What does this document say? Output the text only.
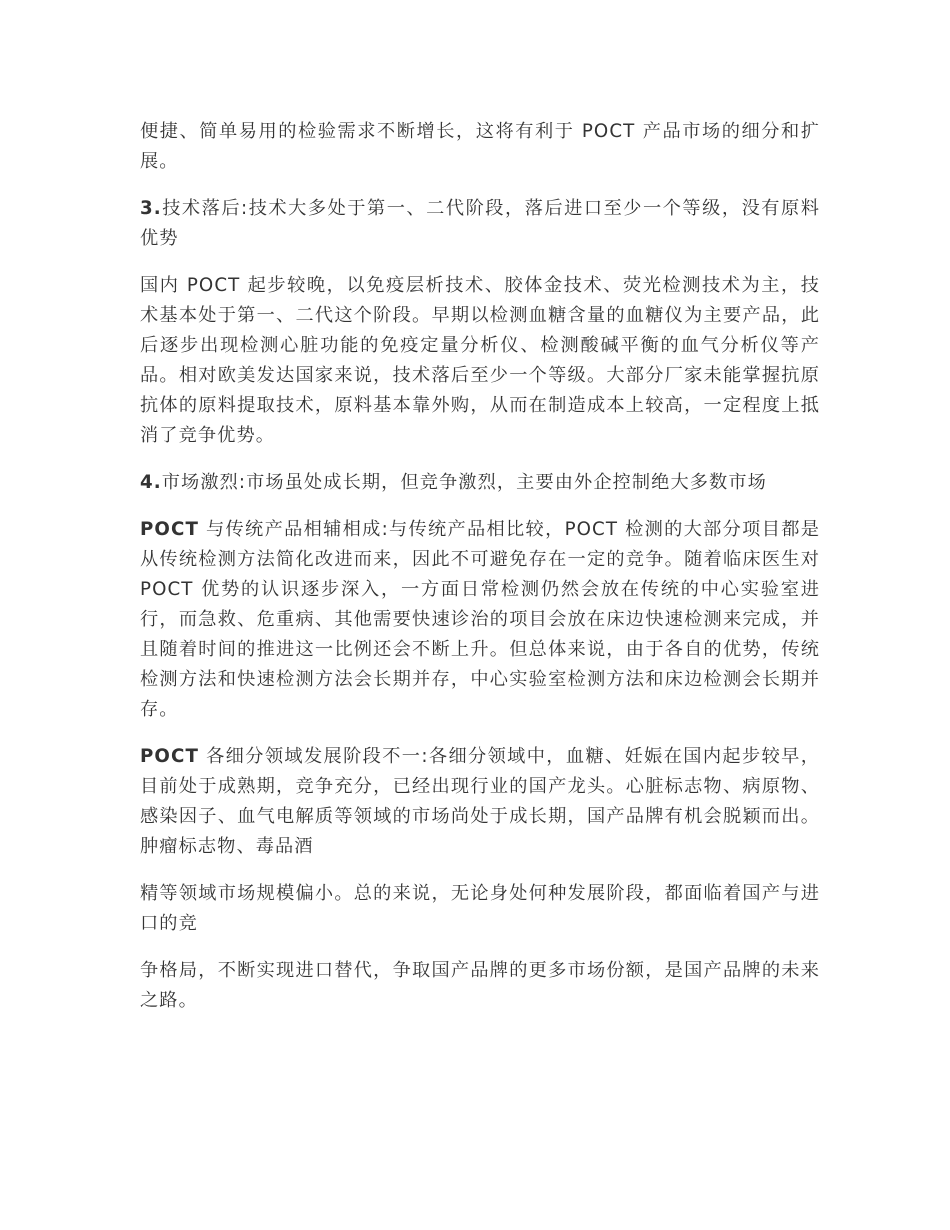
便捷、简单易用的检验需求不断增长，这将有利于 POCT 产品市场的细分和扩展。

3.技术落后:技术大多处于第一、二代阶段，落后进口至少一个等级，没有原料优势

国内 POCT 起步较晚，以免疫层析技术、胶体金技术、荧光检测技术为主，技术基本处于第一、二代这个阶段。早期以检测血糖含量的血糖仪为主要产品，此后逐步出现检测心脏功能的免疫定量分析仪、检测酸碱平衡的血气分析仪等产品。相对欧美发达国家来说，技术落后至少一个等级。大部分厂家未能掌握抗原抗体的原料提取技术，原料基本靠外购，从而在制造成本上较高，一定程度上抵消了竞争优势。

4.市场激烈:市场虽处成长期，但竞争激烈，主要由外企控制绝大多数市场

POCT 与传统产品相辅相成:与传统产品相比较，POCT 检测的大部分项目都是从传统检测方法简化改进而来，因此不可避免存在一定的竞争。随着临床医生对 POCT 优势的认识逐步深入，一方面日常检测仍然会放在传统的中心实验室进行，而急救、危重病、其他需要快速诊治的项目会放在床边快速检测来完成，并且随着时间的推进这一比例还会不断上升。但总体来说，由于各自的优势，传统检测方法和快速检测方法会长期并存，中心实验室检测方法和床边检测会长期并存。

POCT 各细分领域发展阶段不一:各细分领域中，血糖、妊娠在国内起步较早，目前处于成熟期，竞争充分，已经出现行业的国产龙头。心脏标志物、病原物、感染因子、血气电解质等领域的市场尚处于成长期，国产品牌有机会脱颖而出。肿瘤标志物、毒品酒

精等领域市场规模偏小。总的来说，无论身处何种发展阶段，都面临着国产与进口的竞

争格局，不断实现进口替代，争取国产品牌的更多市场份额，是国产品牌的未来之路。
